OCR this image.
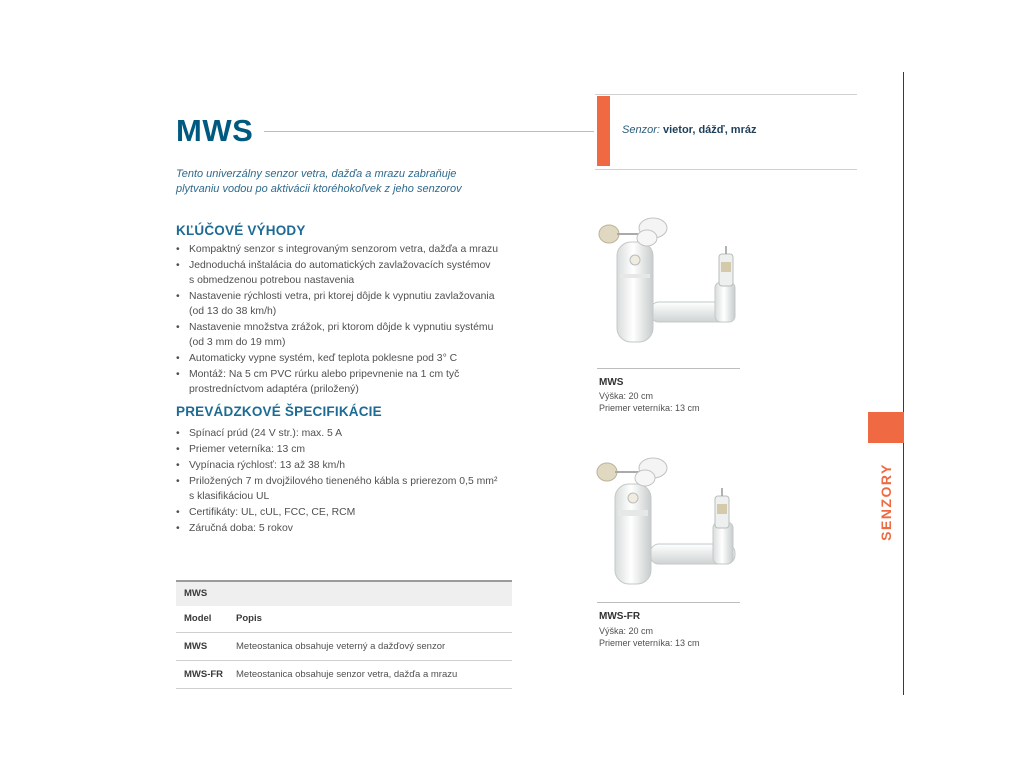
MWS	Senzor: vietor, dážď, mráz
Tento univerzálny senzor vetra, dažďa a mrazu zabraňuje
plytvaniu vodou po aktivácii ktoréhokoľvek z jeho senzorov
KĽÚČOVÉ VÝHODY
• Kompaktný senzor s integrovaným senzorom vetra, dažďa a mrazu
• Jednoduchá inštalácia do automatických zavlažovacích systémov
s obmedzenou potrebou nastavenia
• Nastavenie rýchlosti vetra, pri ktorej dôjde k vypnutiu zavlažovania
(od 13 do 38 km/h)
• Nastavenie množstva zrážok, pri ktorom dôjde k vypnutiu systému
(od 3 mm do 19 mm)
• Automaticky vypne systém, keď teplota poklesne pod 3° C
• Montáž: Na 5 cm PVC rúrku alebo pripevnenie na 1 cm tyč
prostredníctvom adaptéra (priložený)
PREVÁDZKOVÉ ŠPECIFIKÁCIE
• Spínací prúd (24 V str.): max. 5 A
• Priemer veterníka: 13 cm
• Vypínacia rýchlosť: 13 až 38 km/h
• Priložených 7 m dvojžilového tieneného kábla s prierezom 0,5 mm²
s klasifikáciou UL
• Certifikáty: UL, cUL, FCC, CE, RCM
• Záručná doba: 5 rokov
MWS
Model	Popis
MWS	Meteostanica obsahuje veterný a dažďový senzor
MWS-FR	Meteostanica obsahuje senzor vetra, dažďa a mrazu
MWS
Výška: 20 cm
Priemer veterníka: 13 cm
MWS-FR
Výška: 20 cm
Priemer veterníka: 13 cm
SENZORY
